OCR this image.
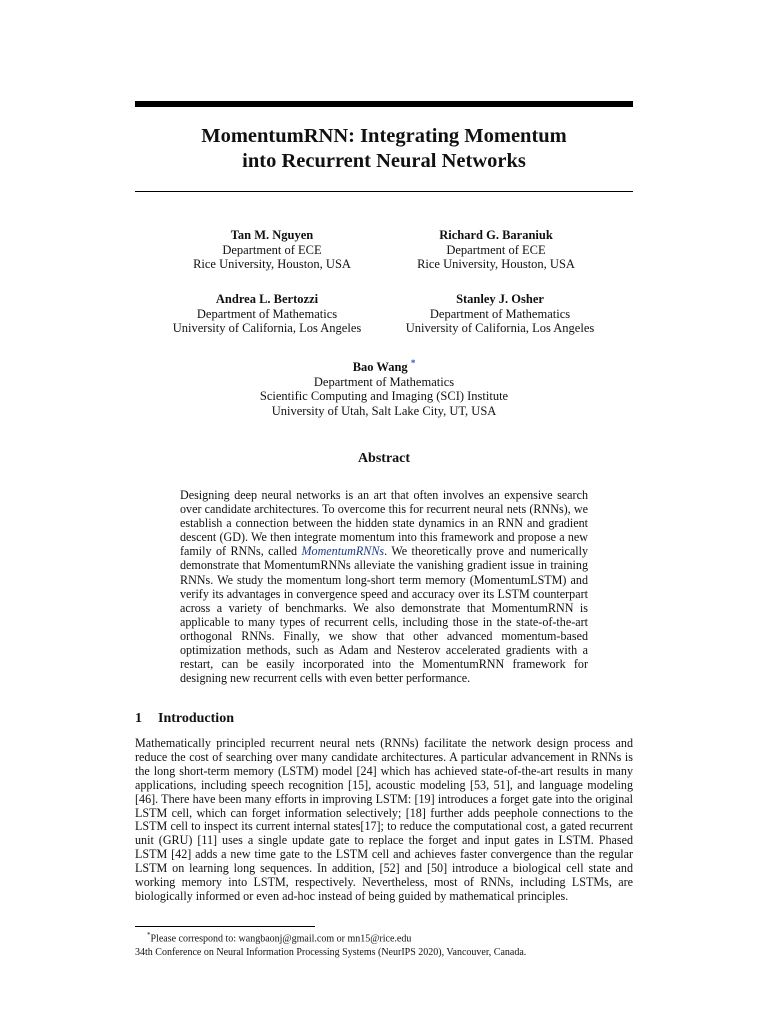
MomentumRNN: Integrating Momentum
into Recurrent Neural Networks
Tan M. Nguyen
Department of ECE
Rice University, Houston, USA
Richard G. Baraniuk
Department of ECE
Rice University, Houston, USA
Andrea L. Bertozzi
Department of Mathematics
University of California, Los Angeles
Stanley J. Osher
Department of Mathematics
University of California, Los Angeles
Bao Wang *
Department of Mathematics
Scientific Computing and Imaging (SCI) Institute
University of Utah, Salt Lake City, UT, USA
Abstract
Designing deep neural networks is an art that often involves an expensive search over candidate architectures. To overcome this for recurrent neural nets (RNNs), we establish a connection between the hidden state dynamics in an RNN and gradient descent (GD). We then integrate momentum into this framework and propose a new family of RNNs, called MomentumRNNs. We theoretically prove and numerically demonstrate that MomentumRNNs alleviate the vanishing gradient issue in training RNNs. We study the momentum long-short term memory (MomentumLSTM) and verify its advantages in convergence speed and accuracy over its LSTM counterpart across a variety of benchmarks. We also demonstrate that MomentumRNN is applicable to many types of recurrent cells, including those in the state-of-the-art orthogonal RNNs. Finally, we show that other advanced momentum-based optimization methods, such as Adam and Nesterov accelerated gradients with a restart, can be easily incorporated into the MomentumRNN framework for designing new recurrent cells with even better performance.
1 Introduction
Mathematically principled recurrent neural nets (RNNs) facilitate the network design process and reduce the cost of searching over many candidate architectures. A particular advancement in RNNs is the long short-term memory (LSTM) model [24] which has achieved state-of-the-art results in many applications, including speech recognition [15], acoustic modeling [53, 51], and language modeling [46]. There have been many efforts in improving LSTM: [19] introduces a forget gate into the original LSTM cell, which can forget information selectively; [18] further adds peephole connections to the LSTM cell to inspect its current internal states[17]; to reduce the computational cost, a gated recurrent unit (GRU) [11] uses a single update gate to replace the forget and input gates in LSTM. Phased LSTM [42] adds a new time gate to the LSTM cell and achieves faster convergence than the regular LSTM on learning long sequences. In addition, [52] and [50] introduce a biological cell state and working memory into LSTM, respectively. Nevertheless, most of RNNs, including LSTMs, are biologically informed or even ad-hoc instead of being guided by mathematical principles.
*Please correspond to: wangbaonj@gmail.com or mn15@rice.edu
34th Conference on Neural Information Processing Systems (NeurIPS 2020), Vancouver, Canada.
